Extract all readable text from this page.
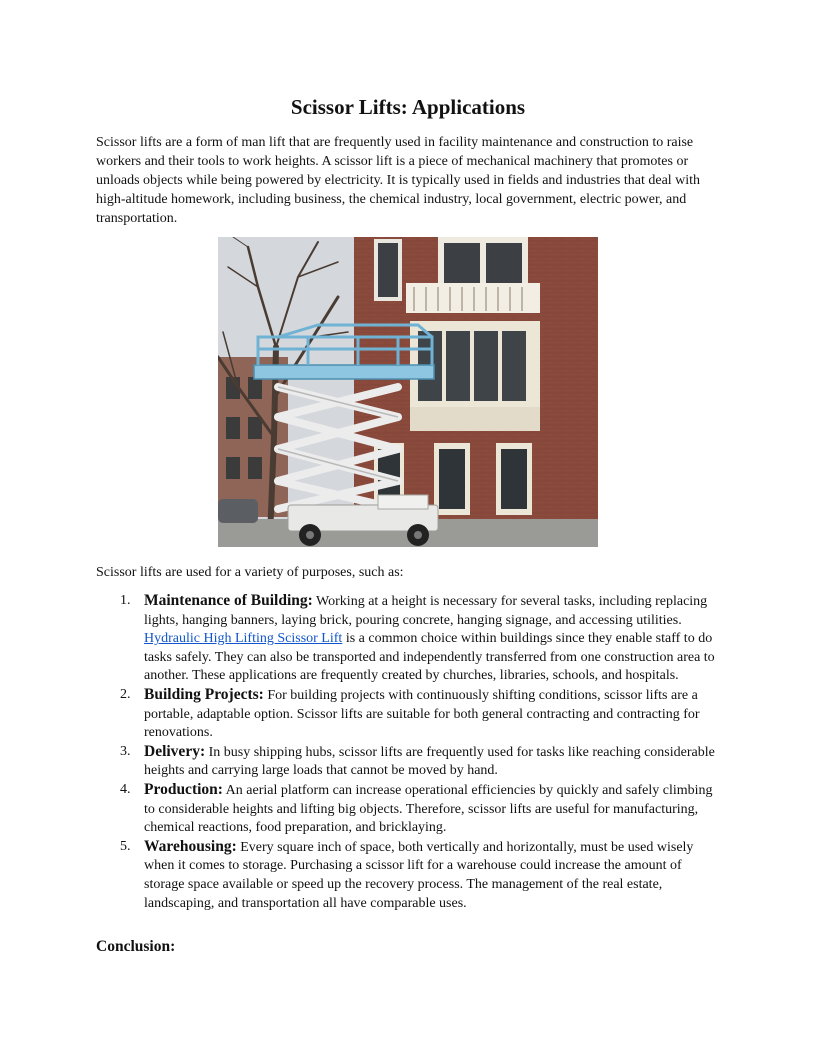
Scissor Lifts: Applications

Scissor lifts are a form of man lift that are frequently used in facility maintenance and construction to raise workers and their tools to work heights. A scissor lift is a piece of mechanical machinery that promotes or unloads objects while being powered by electricity. It is typically used in fields and industries that deal with high-altitude homework, including business, the chemical industry, local government, electric power, and transportation.

Scissor lifts are used for a variety of purposes, such as:

1. Maintenance of Building: Working at a height is necessary for several tasks, including replacing lights, hanging banners, laying brick, pouring concrete, hanging signage, and accessing utilities. Hydraulic High Lifting Scissor Lift is a common choice within buildings since they enable staff to do tasks safely. They can also be transported and independently transferred from one construction area to another. These applications are frequently created by churches, libraries, schools, and hospitals.
2. Building Projects: For building projects with continuously shifting conditions, scissor lifts are a portable, adaptable option. Scissor lifts are suitable for both general contracting and contracting for renovations.
3. Delivery: In busy shipping hubs, scissor lifts are frequently used for tasks like reaching considerable heights and carrying large loads that cannot be moved by hand.
4. Production: An aerial platform can increase operational efficiencies by quickly and safely climbing to considerable heights and lifting big objects. Therefore, scissor lifts are useful for manufacturing, chemical reactions, food preparation, and bricklaying.
5. Warehousing: Every square inch of space, both vertically and horizontally, must be used wisely when it comes to storage. Purchasing a scissor lift for a warehouse could increase the amount of storage space available or speed up the recovery process. The management of the real estate, landscaping, and transportation all have comparable uses.
Conclusion:
